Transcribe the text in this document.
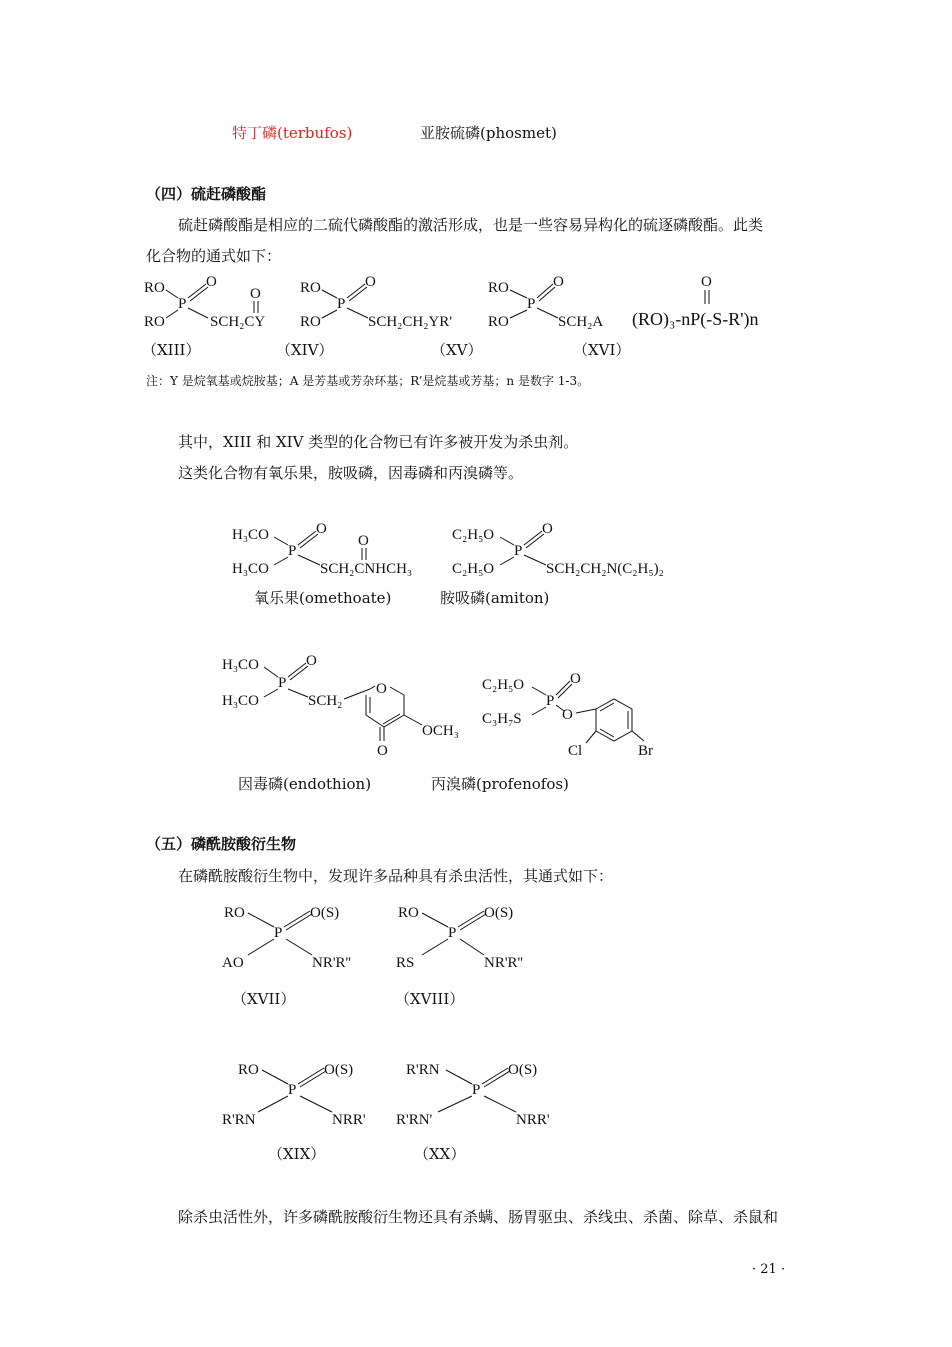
特丁磷(terbufos)	亚胺硫磷(phosmet)
（四）硫赶磷酸酯
硫赶磷酸酯是相应的二硫代磷酸酯的激活形成，也是一些容易异构化的硫逐磷酸酯。此类
化合物的通式如下：
RO
RO
P
O
SCH₂CY
O	RO
RO
P
O
SCH₂CH₂YR'
RO
RO
P
O
SCH₂A
O
(RO)₃-nP(-S-R')n
（XIII）	（XIV）	（XV）	（XVI）
注：Y 是烷氧基或烷胺基；A 是芳基或芳杂环基；R’是烷基或芳基；n 是数字 1-3。
其中，XIII 和 XIV 类型的化合物已有许多被开发为杀虫剂。
这类化合物有氧乐果，胺吸磷，因毒磷和丙溴磷等。
H₃CO
H₃CO
P
O
SCH₂CNHCH₃
O	C₂H₅O
C₂H₅O
P
O
SCH₂CH₂N(C₂H₅)₂
氧乐果(omethoate)	胺吸磷(amiton)
H₃CO
H₃CO
P
O
SCH₂
O
O
OCH₃
C₂H₅O
C₃H₇S
P
O
O
Cl	Br
因毒磷(endothion)	丙溴磷(profenofos)
（五）磷酰胺酸衍生物
在磷酰胺酸衍生物中，发现许多品种具有杀虫活性，其通式如下：
RO
P
O(S)
AO	NR'R''
RO
P
O(S)
RS	NR'R''
（XVII）	（XVIII）
RO
P
O(S)
R'RN	NRR'
R'RN
P
O(S)
R'RN'	NRR'
（XIX）	（XX）
除杀虫活性外，许多磷酰胺酸衍生物还具有杀螨、肠胃驱虫、杀线虫、杀菌、除草、杀鼠和
· 21 ·
